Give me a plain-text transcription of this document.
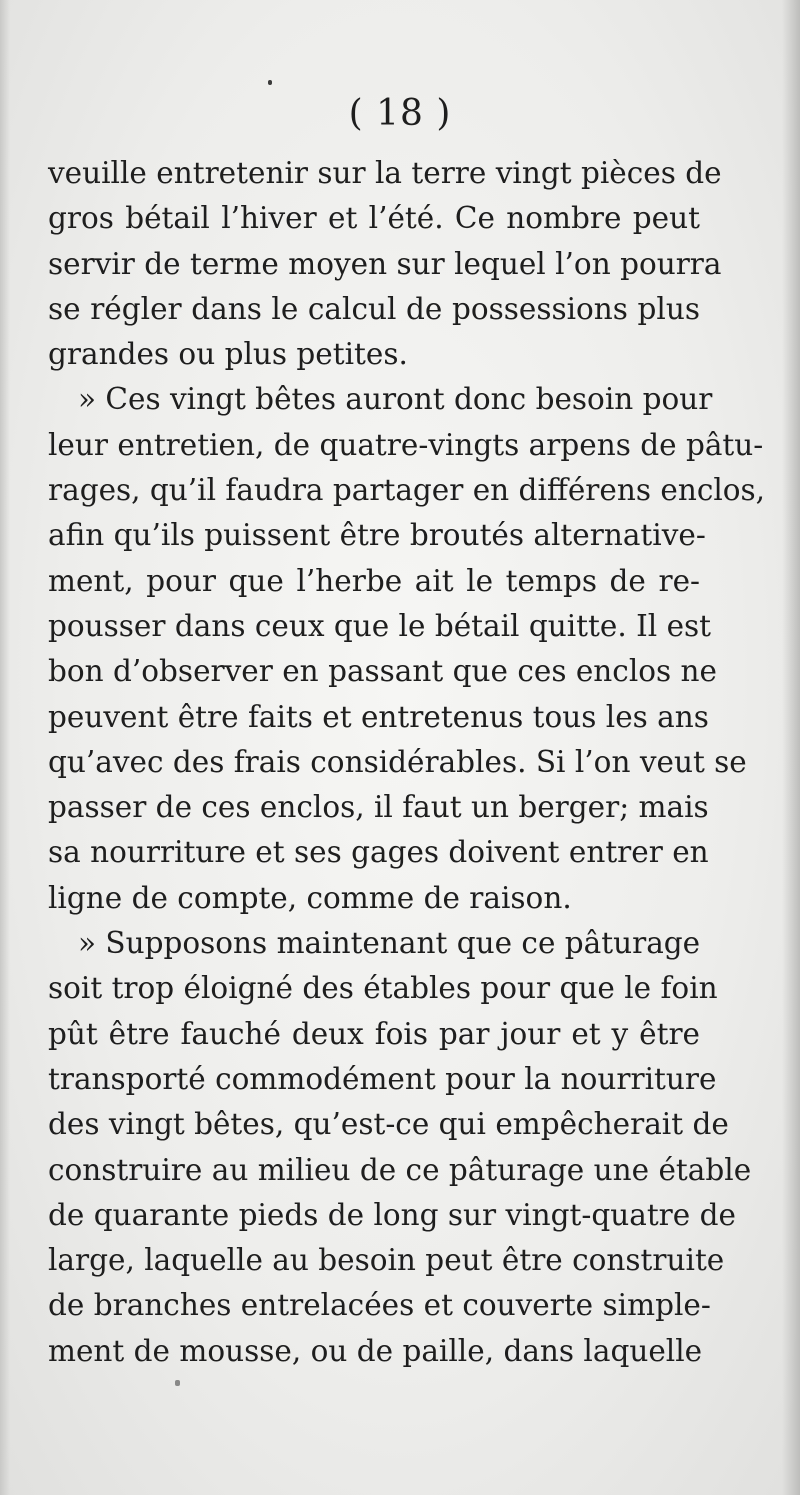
( 18 )
veuille entretenir sur la terre vingt pièces de
gros bétail l’hiver et l’été. Ce nombre peut
servir de terme moyen sur lequel l’on pourra
se régler dans le calcul de possessions plus
grandes ou plus petites.
» Ces vingt bêtes auront donc besoin pour
leur entretien, de quatre-vingts arpens de pâtu-
rages, qu’il faudra partager en différens enclos,
afin qu’ils puissent être broutés alternative-
ment, pour que l’herbe ait le temps de re-
pousser dans ceux que le bétail quitte. Il est
bon d’observer en passant que ces enclos ne
peuvent être faits et entretenus tous les ans
qu’avec des frais considérables. Si l’on veut se
passer de ces enclos, il faut un berger; mais
sa nourriture et ses gages doivent entrer en
ligne de compte, comme de raison.
» Supposons maintenant que ce pâturage
soit trop éloigné des étables pour que le foin
pût être fauché deux fois par jour et y être
transporté commodément pour la nourriture
des vingt bêtes, qu’est-ce qui empêcherait de
construire au milieu de ce pâturage une étable
de quarante pieds de long sur vingt-quatre de
large, laquelle au besoin peut être construite
de branches entrelacées et couverte simple-
ment de mousse, ou de paille, dans laquelle
